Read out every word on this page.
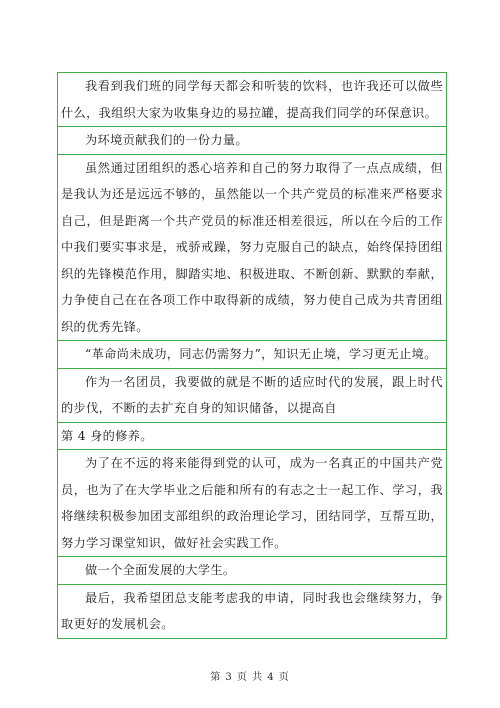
我看到我们班的同学每天都会和听装的饮料，也许我还可以做些什么，我组织大家为收集身边的易拉罐，提高我们同学的环保意识。
为环境贡献我们的一份力量。
虽然通过团组织的悉心培养和自己的努力取得了一点点成绩，但是我认为还是远远不够的，虽然能以一个共产党员的标准来严格要求自己，但是距离一个共产党员的标准还相差很远，所以在今后的工作中我们要实事求是，戒骄戒躁，努力克服自己的缺点，始终保持团组织的先锋模范作用，脚踏实地、积极进取、不断创新、默默的奉献，力争使自己在在各项工作中取得新的成绩，努力使自己成为共青团组织的优秀先锋。
“革命尚未成功，同志仍需努力”，知识无止境，学习更无止境。
作为一名团员，我要做的就是不断的适应时代的发展，跟上时代的步伐，不断的去扩充自身的知识储备，以提高自
第 4 身的修养。
为了在不远的将来能得到党的认可，成为一名真正的中国共产党员，也为了在大学毕业之后能和所有的有志之士一起工作、学习，我将继续积极参加团支部组织的政治理论学习，团结同学，互帮互助，努力学习课堂知识，做好社会实践工作。
做一个全面发展的大学生。
最后，我希望团总支能考虑我的申请，同时我也会继续努力，争取更好的发展机会。
第 3 页 共 4 页
